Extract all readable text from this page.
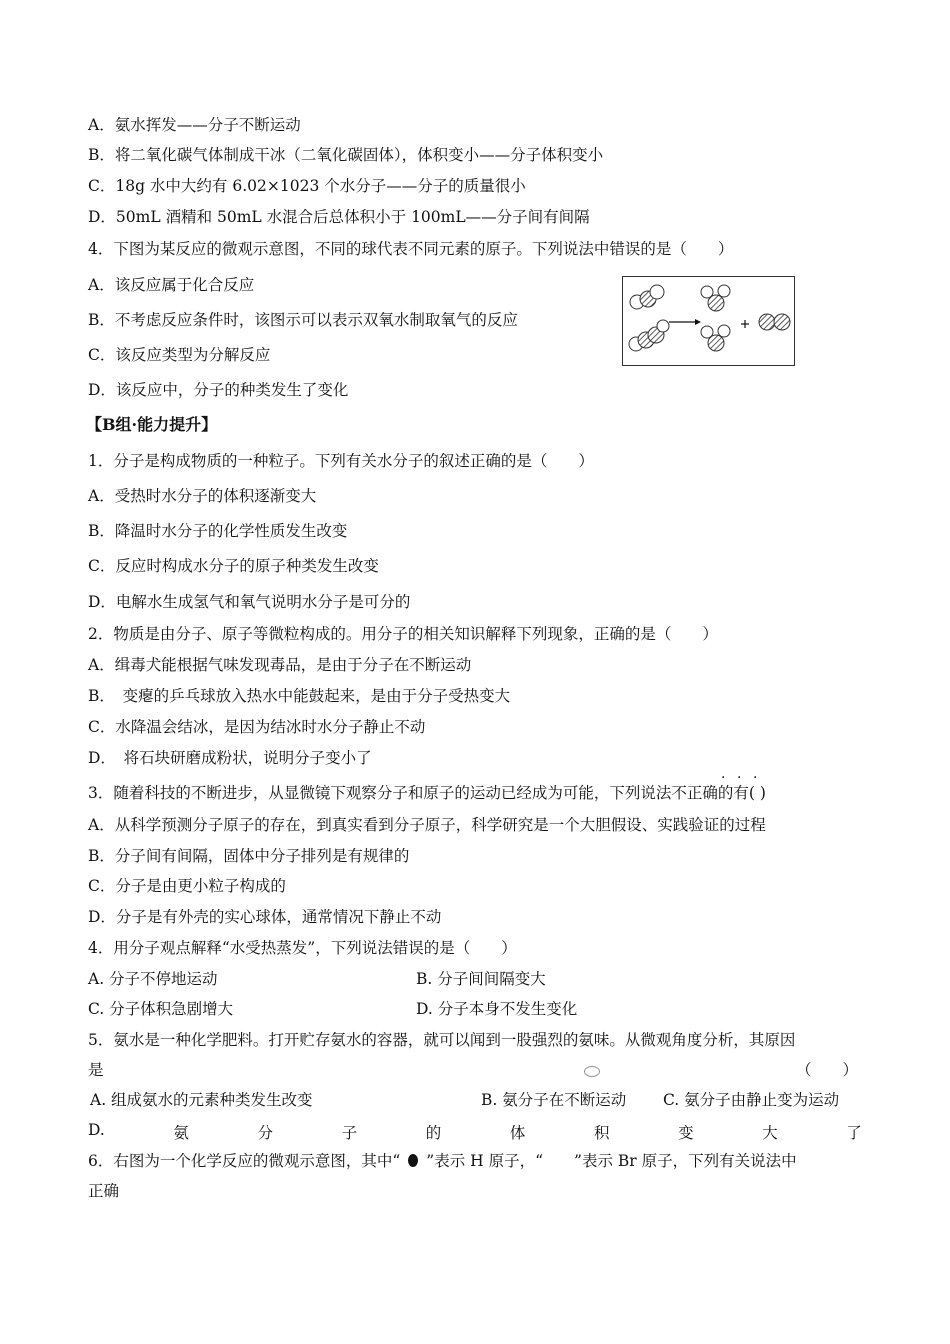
A．氨水挥发——分子不断运动
B．将二氧化碳气体制成干冰（二氧化碳固体），体积变小——分子体积变小
C．18g 水中大约有 6.02×1023 个水分子——分子的质量很小
D．50mL 酒精和 50mL 水混合后总体积小于 100mL——分子间有间隔
4．下图为某反应的微观示意图，不同的球代表不同元素的原子。下列说法中错误的是（　　）
A．该反应属于化合反应
B．不考虑反应条件时，该图示可以表示双氧水制取氧气的反应
C．该反应类型为分解反应
D．该反应中，分子的种类发生了变化
【B组·能力提升】
1．分子是构成物质的一种粒子。下列有关水分子的叙述正确的是（　　）
A．受热时水分子的体积逐渐变大
B．降温时水分子的化学性质发生改变
C．反应时构成水分子的原子种类发生改变
D．电解水生成氢气和氧气说明水分子是可分的
2．物质是由分子、原子等微粒构成的。用分子的相关知识解释下列现象，正确的是（　　）
A．缉毒犬能根据气味发现毒品，是由于分子在不断运动
B．　变瘪的乒乓球放入热水中能鼓起来，是由于分子受热变大
C．水降温会结冰，是因为结冰时水分子静止不动
D．　将石块研磨成粉状，说明分子变小了
· · ·
3．随着科技的不断进步，从显微镜下观察分子和原子的运动已经成为可能，下列说法不正确的有( )
A．从科学预测分子原子的存在，到真实看到分子原子，科学研究是一个大胆假设、实践验证的过程
B．分子间有间隔，固体中分子排列是有规律的
C．分子是由更小粒子构成的
D．分子是有外壳的实心球体，通常情况下静止不动
4．用分子观点解释“水受热蒸发”，下列说法错误的是（　　）
A. 分子不停地运动	B. 分子间间隔变大
C. 分子体积急剧增大	D. 分子本身不发生变化
5．氨水是一种化学肥料。打开贮存氨水的容器，就可以闻到一股强烈的氨味。从微观角度分析，其原因
是	（　　）
A. 组成氨水的元素种类发生改变	B. 氨分子在不断运动 C. 氨分子由静止变为运动
D.	氨	分	子	的	体	积	变	大	了
6．右图为一个化学反应的微观示意图，其中“ ”表示 H 原子，“　　”表示 Br 原子，下列有关说法中
正确
